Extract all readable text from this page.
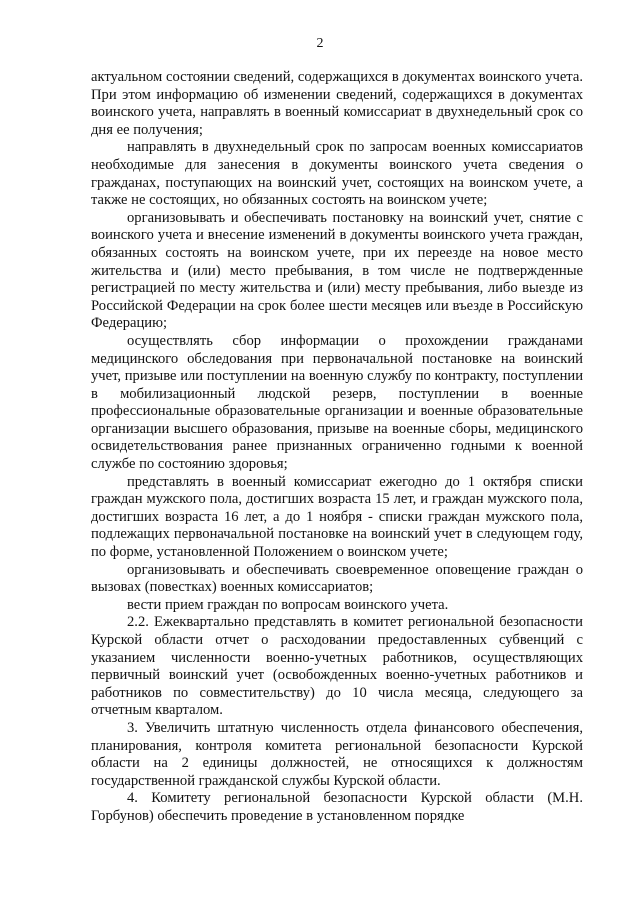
2

актуальном состоянии сведений, содержащихся в документах воинского учета. При этом информацию об изменении сведений, содержащихся в документах воинского учета, направлять в военный комиссариат в двухнедельный срок со дня ее получения;

направлять в двухнедельный срок по запросам военных комиссариатов необходимые для занесения в документы воинского учета сведения о гражданах, поступающих на воинский учет, состоящих на воинском учете, а также не состоящих, но обязанных состоять на воинском учете;

организовывать и обеспечивать постановку на воинский учет, снятие с воинского учета и внесение изменений в документы воинского учета граждан, обязанных состоять на воинском учете, при их переезде на новое место жительства и (или) место пребывания, в том числе не подтвержденные регистрацией по месту жительства и (или) месту пребывания, либо выезде из Российской Федерации на срок более шести месяцев или въезде в Российскую Федерацию;

осуществлять сбор информации о прохождении гражданами медицинского обследования при первоначальной постановке на воинский учет, призыве или поступлении на военную службу по контракту, поступлении в мобилизационный людской резерв, поступлении в военные профессиональные образовательные организации и военные образовательные организации высшего образования, призыве на военные сборы, медицинского освидетельствования ранее признанных ограниченно годными к военной службе по состоянию здоровья;

представлять в военный комиссариат ежегодно до 1 октября списки граждан мужского пола, достигших возраста 15 лет, и граждан мужского пола, достигших возраста 16 лет, а до 1 ноября - списки граждан мужского пола, подлежащих первоначальной постановке на воинский учет в следующем году, по форме, установленной Положением о воинском учете;

организовывать и обеспечивать своевременное оповещение граждан о вызовах (повестках) военных комиссариатов;

вести прием граждан по вопросам воинского учета.

2.2. Ежеквартально представлять в комитет региональной безопасности Курской области отчет о расходовании предоставленных субвенций с указанием численности военно-учетных работников, осуществляющих первичный воинский учет (освобожденных военно-учетных работников и работников по совместительству) до 10 числа месяца, следующего за отчетным кварталом.

3. Увеличить штатную численность отдела финансового обеспечения, планирования, контроля комитета региональной безопасности Курской области на 2 единицы должностей, не относящихся к должностям государственной гражданской службы Курской области.

4. Комитету региональной безопасности Курской области (М.Н. Горбунов) обеспечить проведение в установленном порядке
